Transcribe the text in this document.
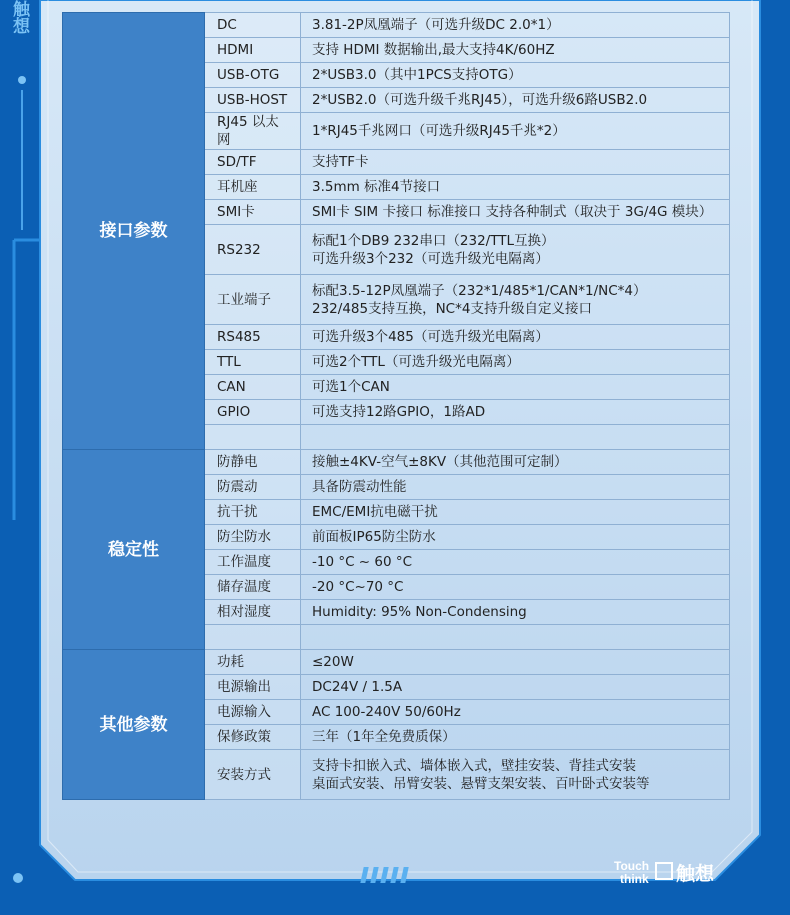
触想
接口参数	DC	3.81-2P凤凰端子（可选升级DC 2.0*1）

	HDMI	支持 HDMI 数据输出,最大支持4K/60HZ

	USB-OTG	2*USB3.0（其中1PCS支持OTG）

	USB-HOST	2*USB2.0（可选升级千兆RJ45），可选升级6路USB2.0

	RJ45 以太网	1*RJ45千兆网口（可选升级RJ45千兆*2）

	SD/TF	支持TF卡

	耳机座	3.5mm 标准4节接口

	SMI卡	SMI卡 SIM 卡接口 标准接口 支持各种制式（取决于 3G/4G 模块）

	RS232	标配1个DB9 232串口（232/TTL互换）
可选升级3个232（可选升级光电隔离）

	工业端子	标配3.5-12P凤凰端子（232*1/485*1/CAN*1/NC*4）
232/485支持互换，NC*4支持升级自定义接口

	RS485	可选升级3个485（可选升级光电隔离）

	TTL	可选2个TTL（可选升级光电隔离）

	CAN	可选1个CAN

	GPIO	可选支持12路GPIO，1路AD

稳定性	防静电	接触±4KV-空气±8KV（其他范围可定制）

	防震动	具备防震动性能

	抗干扰	EMC/EMI抗电磁干扰

	防尘防水	前面板IP65防尘防水

	工作温度	-10 °C ~ 60 °C

	储存温度	-20 °C~70 °C

	相对湿度	Humidity: 95% Non-Condensing

其他参数	功耗	≤20W

	电源输出	DC24V / 1.5A

	电源输入	AC 100-240V 50/60Hz

	保修政策	三年（1年全免费质保）

	安装方式	支持卡扣嵌入式、墙体嵌入式，壁挂安装、背挂式安装
桌面式安装、吊臂安装、悬臂支架安装、百叶卧式安装等
Touch
think 触想
